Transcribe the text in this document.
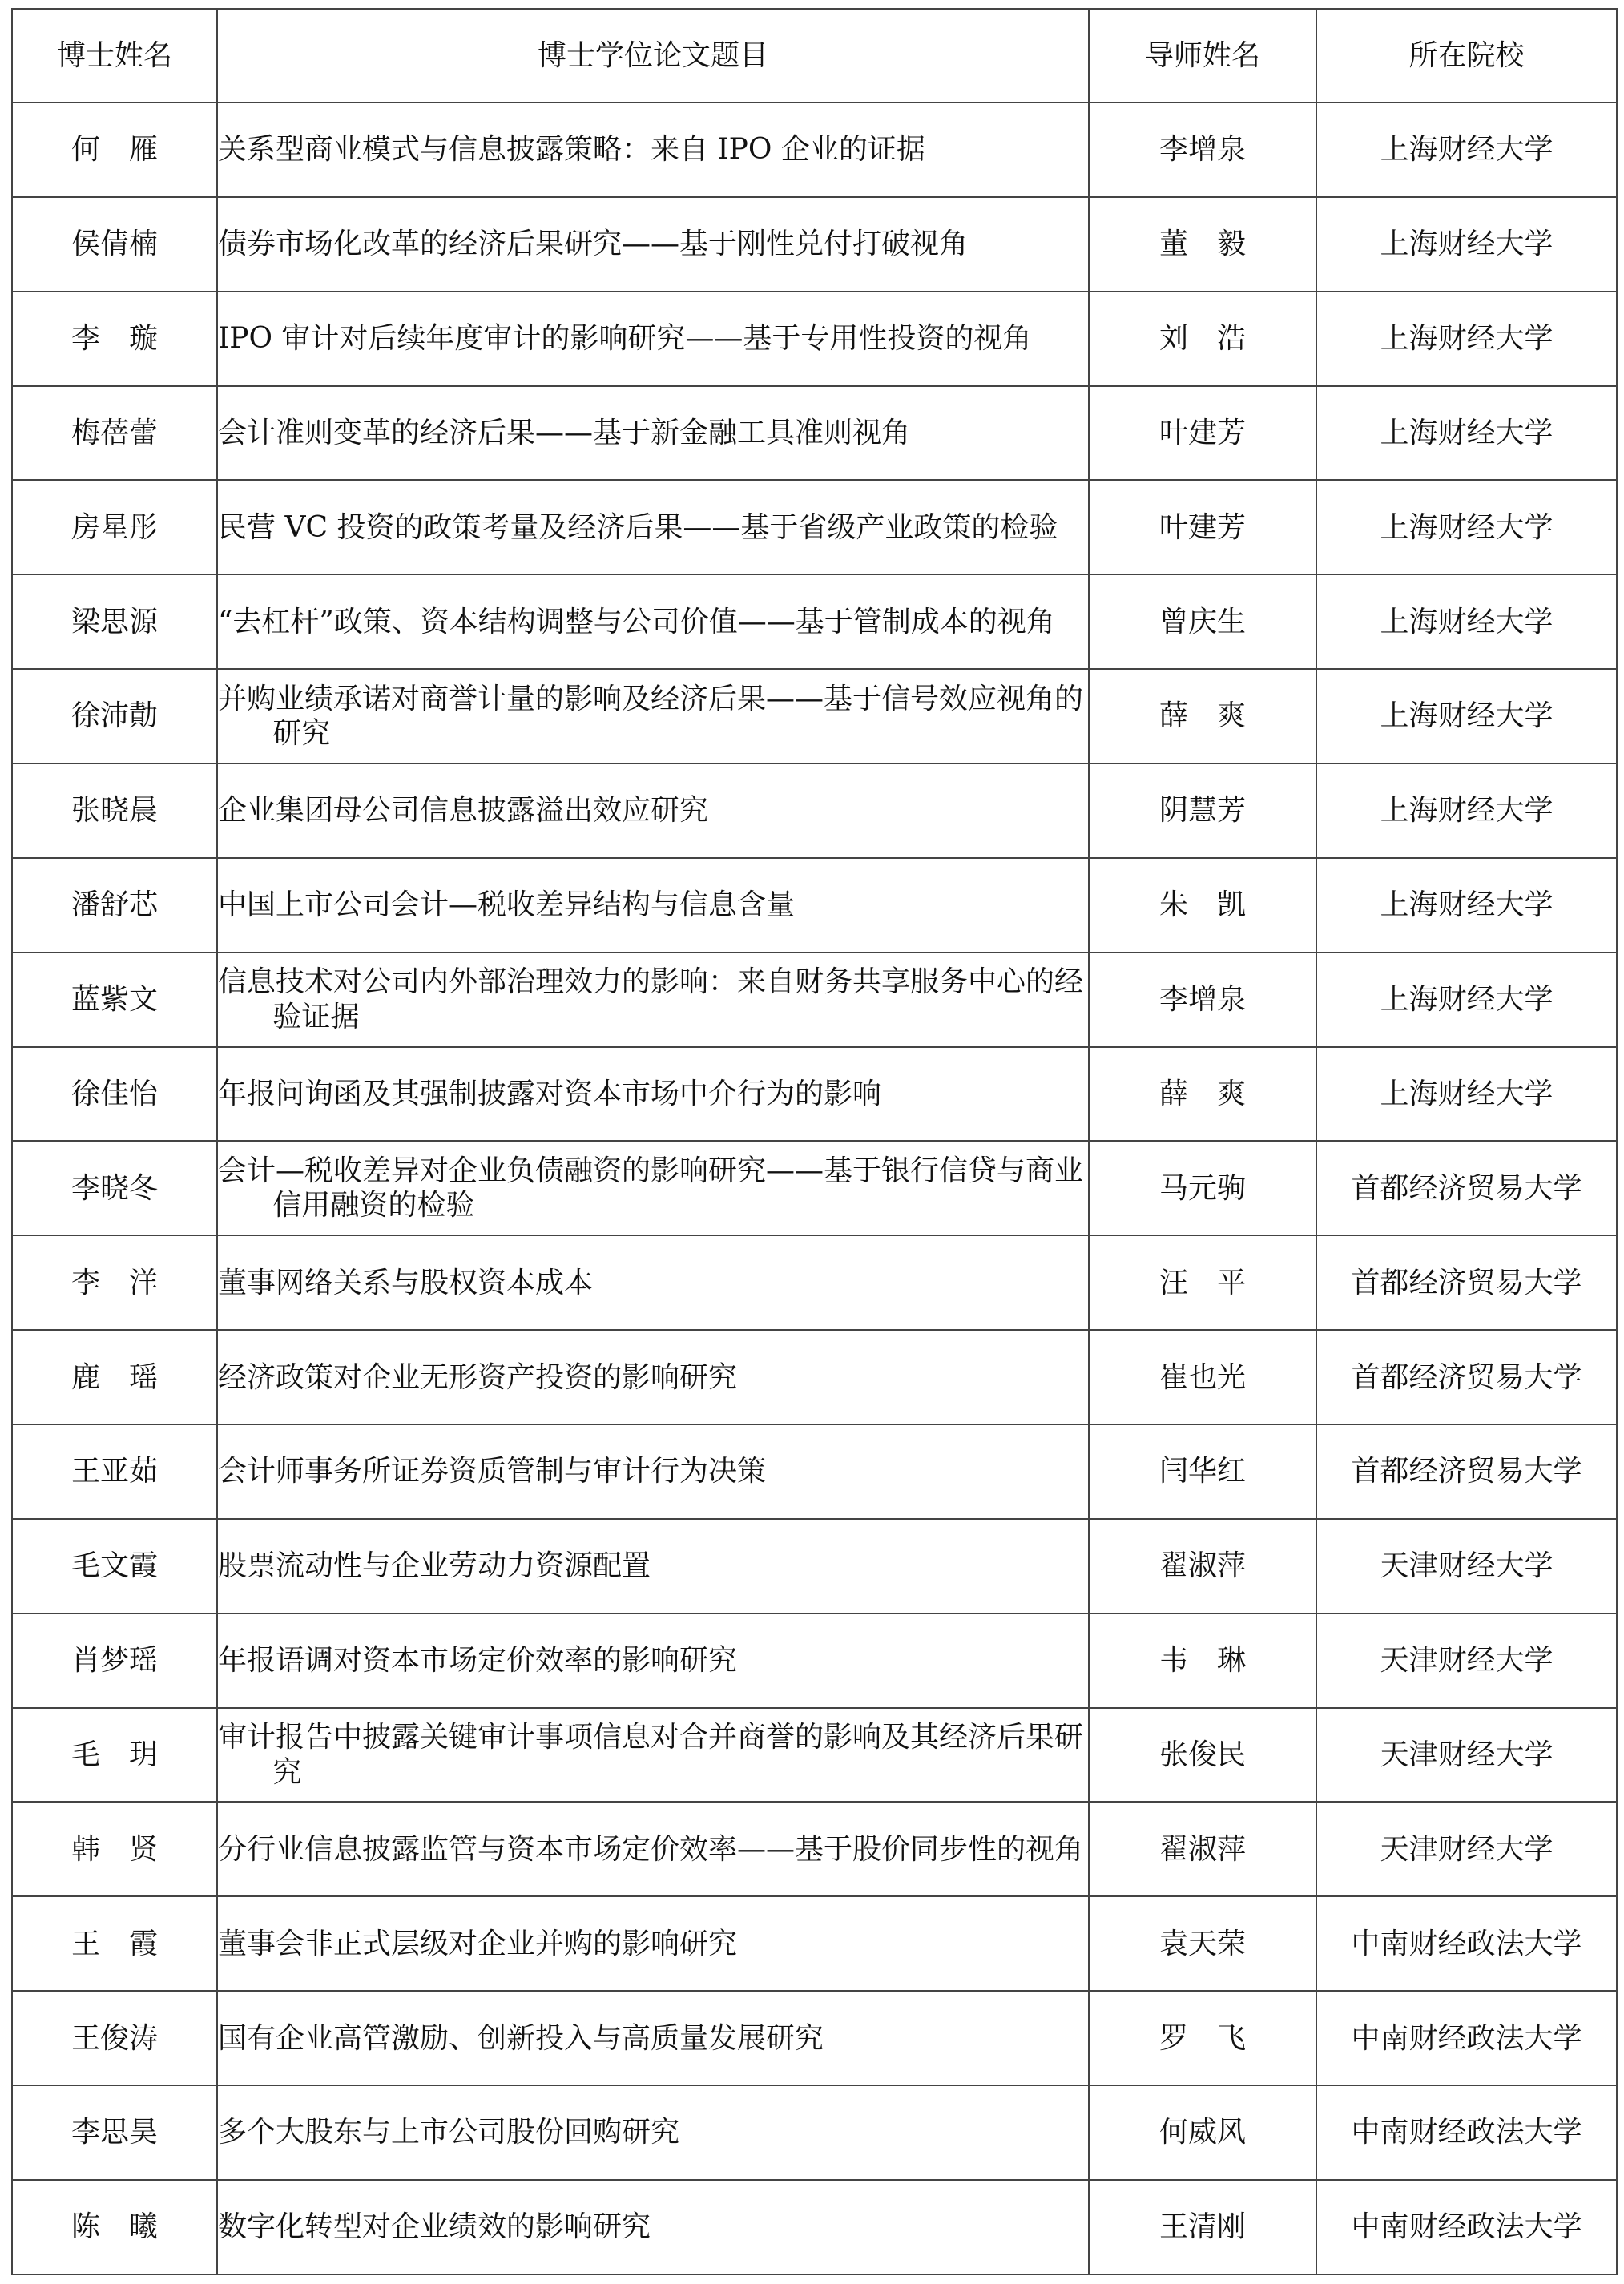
博士姓名	博士学位论文题目	导师姓名	所在院校
何　雁	关系型商业模式与信息披露策略：来自 IPO 企业的证据	李增泉	上海财经大学
侯倩楠	债券市场化改革的经济后果研究——基于刚性兑付打破视角	董　毅	上海财经大学
李　璇	IPO 审计对后续年度审计的影响研究——基于专用性投资的视角	刘　浩	上海财经大学
梅蓓蕾	会计准则变革的经济后果——基于新金融工具准则视角	叶建芳	上海财经大学
房星彤	民营 VC 投资的政策考量及经济后果——基于省级产业政策的检验	叶建芳	上海财经大学
梁思源	“去杠杆”政策、资本结构调整与公司价值——基于管制成本的视角	曾庆生	上海财经大学
徐沛勣	并购业绩承诺对商誉计量的影响及经济后果——基于信号效应视角的研究	薛　爽	上海财经大学
张晓晨	企业集团母公司信息披露溢出效应研究	阴慧芳	上海财经大学
潘舒芯	中国上市公司会计—税收差异结构与信息含量	朱　凯	上海财经大学
蓝紫文	信息技术对公司内外部治理效力的影响：来自财务共享服务中心的经验证据	李增泉	上海财经大学
徐佳怡	年报问询函及其强制披露对资本市场中介行为的影响	薛　爽	上海财经大学
李晓冬	会计—税收差异对企业负债融资的影响研究——基于银行信贷与商业信用融资的检验	马元驹	首都经济贸易大学
李　洋	董事网络关系与股权资本成本	汪　平	首都经济贸易大学
鹿　瑶	经济政策对企业无形资产投资的影响研究	崔也光	首都经济贸易大学
王亚茹	会计师事务所证券资质管制与审计行为决策	闫华红	首都经济贸易大学
毛文霞	股票流动性与企业劳动力资源配置	翟淑萍	天津财经大学
肖梦瑶	年报语调对资本市场定价效率的影响研究	韦　琳	天津财经大学
毛　玥	审计报告中披露关键审计事项信息对合并商誉的影响及其经济后果研究	张俊民	天津财经大学
韩　贤	分行业信息披露监管与资本市场定价效率——基于股价同步性的视角	翟淑萍	天津财经大学
王　霞	董事会非正式层级对企业并购的影响研究	袁天荣	中南财经政法大学
王俊涛	国有企业高管激励、创新投入与高质量发展研究	罗　飞	中南财经政法大学
李思昊	多个大股东与上市公司股份回购研究	何威风	中南财经政法大学
陈　曦	数字化转型对企业绩效的影响研究	王清刚	中南财经政法大学
